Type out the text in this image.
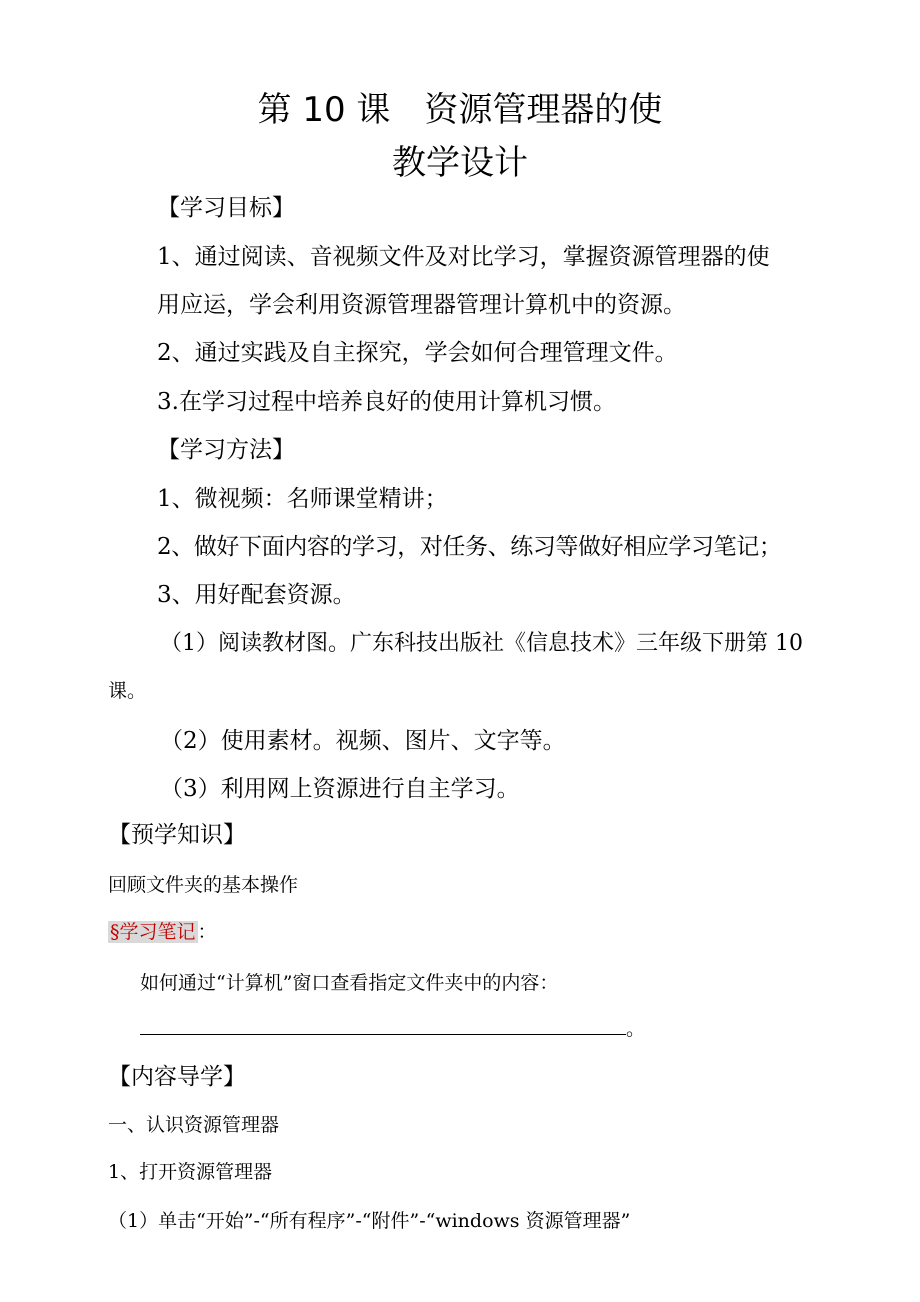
第 10 课　资源管理器的使
教学设计
【学习目标】
1、通过阅读、音视频文件及对比学习，掌握资源管理器的使
用应运，学会利用资源管理器管理计算机中的资源。
2、通过实践及自主探究，学会如何合理管理文件。
3.在学习过程中培养良好的使用计算机习惯。
【学习方法】
1、微视频：名师课堂精讲；
2、做好下面内容的学习，对任务、练习等做好相应学习笔记；
3、用好配套资源。
（1）阅读教材图。广东科技出版社《信息技术》三年级下册第 10
课。
（2）使用素材。视频、图片、文字等。
（3）利用网上资源进行自主学习。
【预学知识】
回顾文件夹的基本操作
§学习笔记 ：
如何通过“计算机”窗口查看指定文件夹中的内容：
。
【内容导学】
一、认识资源管理器
1、打开资源管理器
（1）单击“开始”-“所有程序”-“附件”-“windows 资源管理器”
